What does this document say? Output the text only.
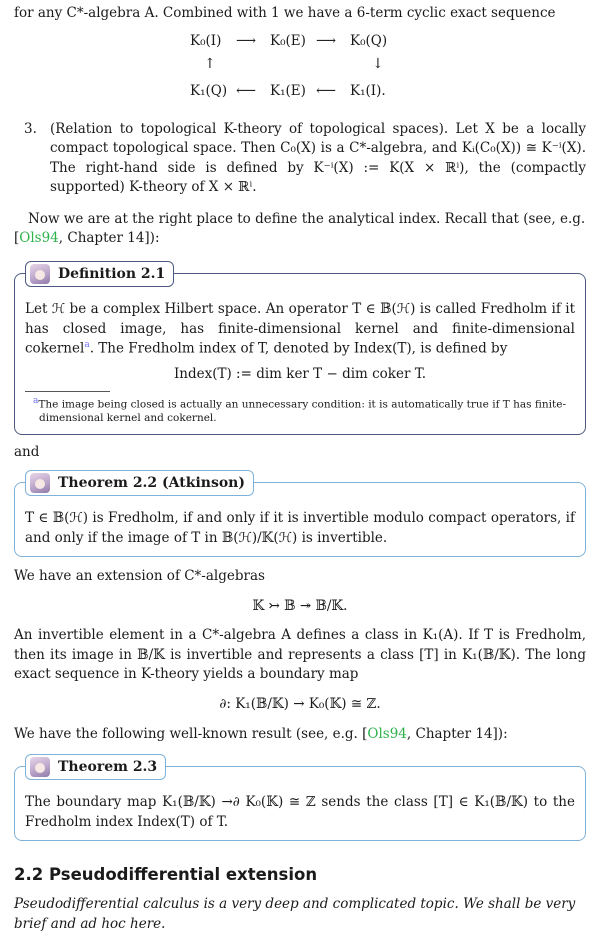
for any C*-algebra A. Combined with 1 we have a 6-term cyclic exact sequence

K₀(I) ⟶ K₀(E) ⟶ K₀(Q)
↑	↓
K₁(Q) ⟵ K₁(E) ⟵ K₁(I).
3. (Relation to topological K-theory of topological spaces). Let X be a locally compact topological space. Then C₀(X) is a C*-algebra, and Kᵢ(C₀(X)) ≅ K⁻ⁱ(X). The right-hand side is defined by K⁻ⁱ(X) := K(X × ℝⁱ), the (compactly supported) K-theory of X × ℝⁱ.

Now we are at the right place to define the analytical index. Recall that (see, e.g. [Ols94, Chapter 14]):

Definition 2.1

Let ℋ be a complex Hilbert space. An operator T ∈ 𝔹(ℋ) is called Fredholm if it has closed image, has finite-dimensional kernel and finite-dimensional cokernel$^a$. The Fredholm index of T, denoted by Index(T), is defined by

Index(T) := dim ker T − dim coker T.
aThe image being closed is actually an unnecessary condition: it is automatically true if T has finite-dimensional kernel and cokernel.

and

Theorem 2.2 (Atkinson)

T ∈ 𝔹(ℋ) is Fredholm, if and only if it is invertible modulo compact operators, if and only if the image of T in 𝔹(ℋ)/𝕂(ℋ) is invertible.

We have an extension of C*-algebras

𝕂 ↣ 𝔹 ↠ 𝔹/𝕂.

An invertible element in a C*-algebra A defines a class in K₁(A). If T is Fredholm, then its image in 𝔹/𝕂 is invertible and represents a class [T] in K₁(𝔹/𝕂). The long exact sequence in K-theory yields a boundary map

∂: K₁(𝔹/𝕂) → K₀(𝕂) ≅ ℤ.

We have the following well-known result (see, e.g. [Ols94, Chapter 14]):

Theorem 2.3

The boundary map K₁(𝔹/𝕂) →∂ K₀(𝕂) ≅ ℤ sends the class [T] ∈ K₁(𝔹/𝕂) to the Fredholm index Index(T) of T.

2.2 Pseudodifferential extension

Pseudodifferential calculus is a very deep and complicated topic. We shall be very brief and ad hoc here.
